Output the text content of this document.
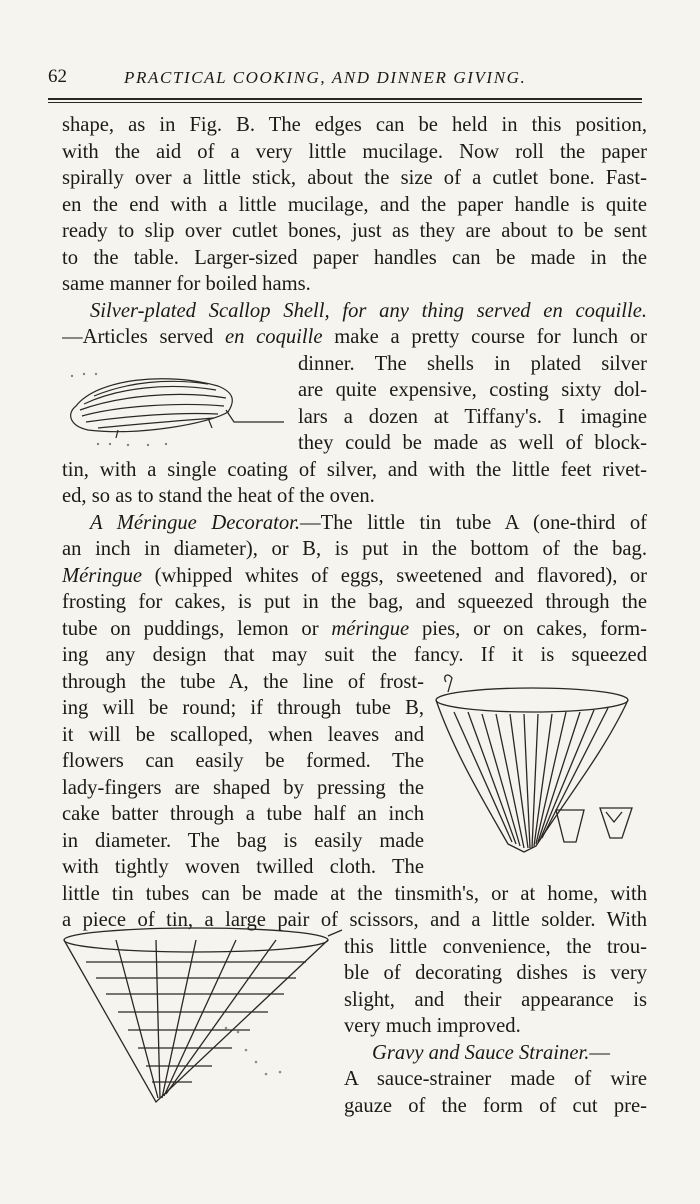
62	PRACTICAL COOKING, AND DINNER GIVING.
shape, as in Fig. B. The edges can be held in this position,
with the aid of a very little mucilage. Now roll the paper
spirally over a little stick, about the size of a cutlet bone. Fast-
en the end with a little mucilage, and the paper handle is quite
ready to slip over cutlet bones, just as they are about to be sent
to the table. Larger-sized paper handles can be made in the
same manner for boiled hams.
Silver-plated Scallop Shell, for any thing served en coquille.
—Articles served en coquille make a pretty course for lunch or
dinner. The shells in plated silver
are quite expensive, costing sixty dol-
lars a dozen at Tiffany's. I imagine
they could be made as well of block-
tin, with a single coating of silver, and with the little feet rivet-
ed, so as to stand the heat of the oven.
A Méringue Decorator.—The little tin tube A (one-third of
an inch in diameter), or B, is put in the bottom of the bag.
Méringue (whipped whites of eggs, sweetened and flavored), or
frosting for cakes, is put in the bag, and squeezed through the
tube on puddings, lemon or méringue pies, or on cakes, form-
ing any design that may suit the fancy. If it is squeezed
through the tube A, the line of frost-
ing will be round; if through tube B,
it will be scalloped, when leaves and
flowers can easily be formed. The
lady-fingers are shaped by pressing the
cake batter through a tube half an inch
in diameter. The bag is easily made
with tightly woven twilled cloth. The
little tin tubes can be made at the tinsmith's, or at home, with
a piece of tin, a large pair of scissors, and a little solder. With
this little convenience, the trou-
ble of decorating dishes is very
slight, and their appearance is
very much improved.
Gravy and Sauce Strainer.—
A sauce-strainer made of wire
gauze of the form of cut pre-
